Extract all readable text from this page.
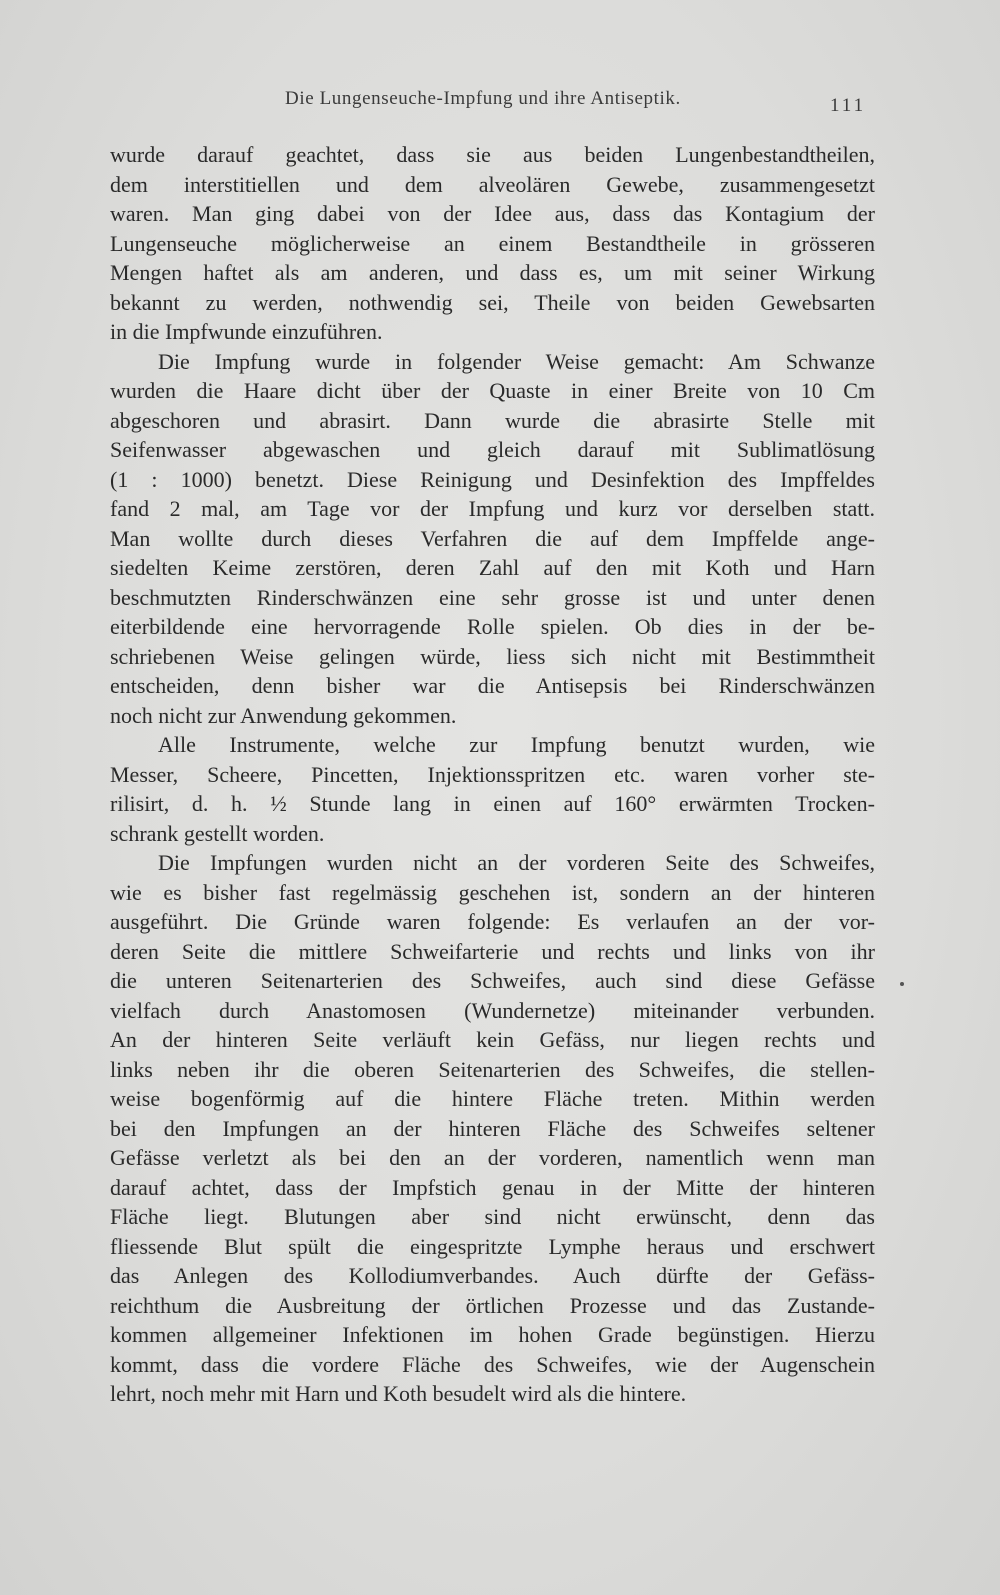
Die Lungenseuche-Impfung und ihre Antiseptik.	111
wurde darauf geachtet, dass sie aus beiden Lungenbestandtheilen,
dem interstitiellen und dem alveolären Gewebe, zusammengesetzt
waren. Man ging dabei von der Idee aus, dass das Kontagium der
Lungenseuche möglicherweise an einem Bestandtheile in grösseren
Mengen haftet als am anderen, und dass es, um mit seiner Wirkung
bekannt zu werden, nothwendig sei, Theile von beiden Gewebsarten
in die Impfwunde einzuführen.
Die Impfung wurde in folgender Weise gemacht: Am Schwanze
wurden die Haare dicht über der Quaste in einer Breite von 10 Cm
abgeschoren und abrasirt. Dann wurde die abrasirte Stelle mit
Seifenwasser abgewaschen und gleich darauf mit Sublimatlösung
(1 : 1000) benetzt. Diese Reinigung und Desinfektion des Impffeldes
fand 2 mal, am Tage vor der Impfung und kurz vor derselben statt.
Man wollte durch dieses Verfahren die auf dem Impffelde ange-
siedelten Keime zerstören, deren Zahl auf den mit Koth und Harn
beschmutzten Rinderschwänzen eine sehr grosse ist und unter denen
eiterbildende eine hervorragende Rolle spielen. Ob dies in der be-
schriebenen Weise gelingen würde, liess sich nicht mit Bestimmtheit
entscheiden, denn bisher war die Antisepsis bei Rinderschwänzen
noch nicht zur Anwendung gekommen.
Alle Instrumente, welche zur Impfung benutzt wurden, wie
Messer, Scheere, Pincetten, Injektionsspritzen etc. waren vorher ste-
rilisirt, d. h. ½ Stunde lang in einen auf 160° erwärmten Trocken-
schrank gestellt worden.
Die Impfungen wurden nicht an der vorderen Seite des Schweifes,
wie es bisher fast regelmässig geschehen ist, sondern an der hinteren
ausgeführt. Die Gründe waren folgende: Es verlaufen an der vor-
deren Seite die mittlere Schweifarterie und rechts und links von ihr
die unteren Seitenarterien des Schweifes, auch sind diese Gefässe
vielfach durch Anastomosen (Wundernetze) miteinander verbunden.
An der hinteren Seite verläuft kein Gefäss, nur liegen rechts und
links neben ihr die oberen Seitenarterien des Schweifes, die stellen-
weise bogenförmig auf die hintere Fläche treten. Mithin werden
bei den Impfungen an der hinteren Fläche des Schweifes seltener
Gefässe verletzt als bei den an der vorderen, namentlich wenn man
darauf achtet, dass der Impfstich genau in der Mitte der hinteren
Fläche liegt. Blutungen aber sind nicht erwünscht, denn das
fliessende Blut spült die eingespritzte Lymphe heraus und erschwert
das Anlegen des Kollodiumverbandes. Auch dürfte der Gefäss-
reichthum die Ausbreitung der örtlichen Prozesse und das Zustande-
kommen allgemeiner Infektionen im hohen Grade begünstigen. Hierzu
kommt, dass die vordere Fläche des Schweifes, wie der Augenschein
lehrt, noch mehr mit Harn und Koth besudelt wird als die hintere.
